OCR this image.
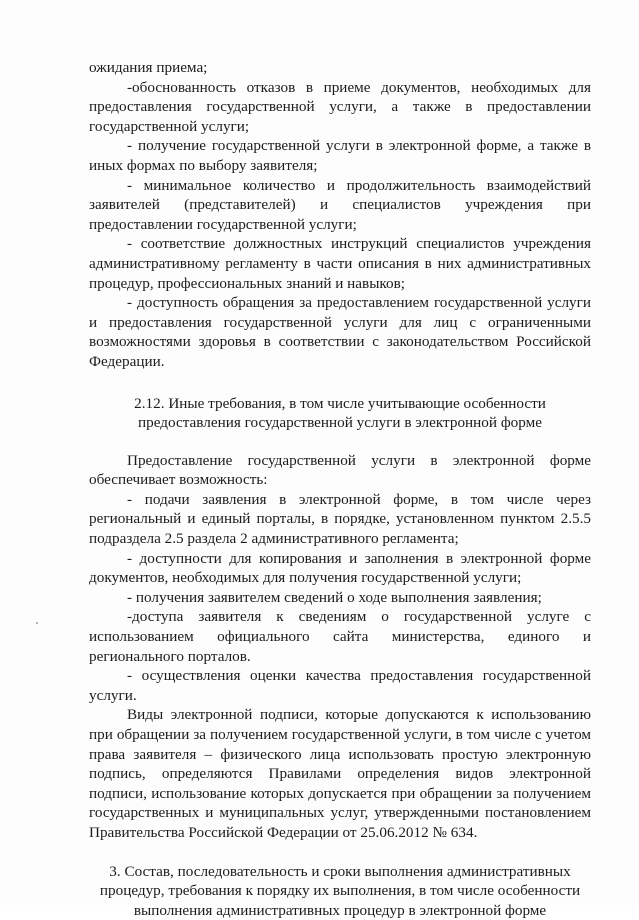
ожидания приема;

-обоснованность отказов в приеме документов, необходимых для предоставления государственной услуги, а также в предоставлении государственной услуги;

- получение государственной услуги в электронной форме, а также в иных формах по выбору заявителя;

- минимальное количество и продолжительность взаимодействий заявителей (представителей) и специалистов учреждения при предоставлении государственной услуги;

- соответствие должностных инструкций специалистов учреждения административному регламенту в части описания в них административных процедур, профессиональных знаний и навыков;

- доступность обращения за предоставлением государственной услуги и предоставления государственной услуги для лиц с ограниченными возможностями здоровья в соответствии с законодательством Российской Федерации.

2.12. Иные требования, в том числе учитывающие особенности

предоставления государственной услуги в электронной форме

Предоставление государственной услуги в электронной форме обеспечивает возможность:

- подачи заявления в электронной форме, в том числе через региональный и единый порталы, в порядке, установленном пунктом 2.5.5 подраздела 2.5 раздела 2 административного регламента;

- доступности для копирования и заполнения в электронной форме документов, необходимых для получения государственной услуги;

- получения заявителем сведений о ходе выполнения заявления;

-доступа заявителя к сведениям о государственной услуге с использованием официального сайта министерства, единого и регионального порталов.

- осуществления оценки качества предоставления государственной услуги.

Виды электронной подписи, которые допускаются к использованию при обращении за получением государственной услуги, в том числе с учетом права заявителя – физического лица использовать простую электронную подпись, определяются Правилами определения видов электронной подписи, использование которых допускается при обращении за получением государственных и муниципальных услуг, утвержденными постановлением Правительства Российской Федерации от 25.06.2012 № 634.

3. Состав, последовательность и сроки выполнения административных

процедур, требования к порядку их выполнения, в том числе особенности

выполнения административных процедур в электронной форме
